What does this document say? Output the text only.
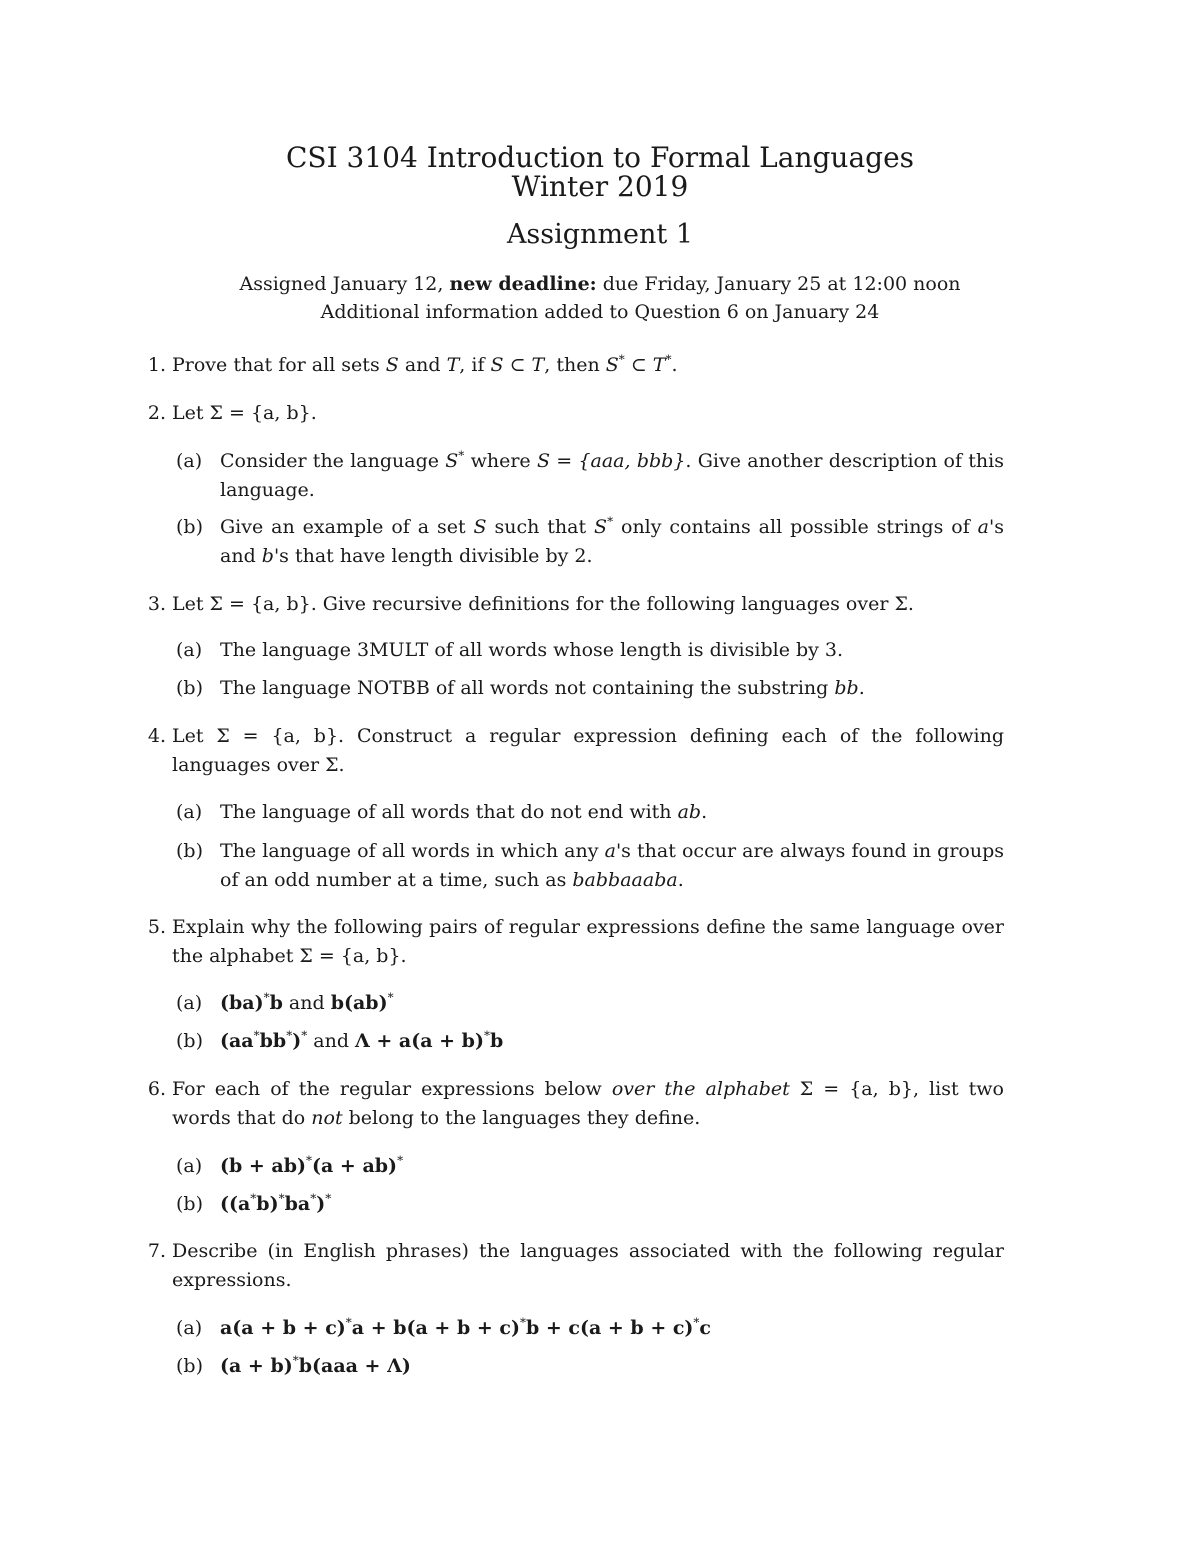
CSI 3104 Introduction to Formal Languages
Winter 2019
Assignment 1
Assigned January 12, new deadline: due Friday, January 25 at 12:00 noon
Additional information added to Question 6 on January 24
1. Prove that for all sets S and T, if S ⊂ T, then S* ⊂ T*.
2. Let Σ = {a, b}.
(a) Consider the language S* where S = {aaa, bbb}. Give another description of this language.
(b) Give an example of a set S such that S* only contains all possible strings of a's and b's that have length divisible by 2.
3. Let Σ = {a, b}. Give recursive definitions for the following languages over Σ.
(a) The language 3MULT of all words whose length is divisible by 3.
(b) The language NOTBB of all words not containing the substring bb.
4. Let Σ = {a, b}. Construct a regular expression defining each of the following languages over Σ.
(a) The language of all words that do not end with ab.
(b) The language of all words in which any a's that occur are always found in groups of an odd number at a time, such as babbaaaba.
5. Explain why the following pairs of regular expressions define the same language over the alphabet Σ = {a, b}.
(a) (ba)*b and b(ab)*
(b) (aa*bb*)* and Λ + a(a + b)*b
6. For each of the regular expressions below over the alphabet Σ = {a, b}, list two words that do not belong to the languages they define.
(a) (b + ab)*(a + ab)*
(b) ((a*b)*ba*)*
7. Describe (in English phrases) the languages associated with the following regular expressions.
(a) a(a + b + c)*a + b(a + b + c)*b + c(a + b + c)*c
(b) (a + b)*b(aaa + Λ)
